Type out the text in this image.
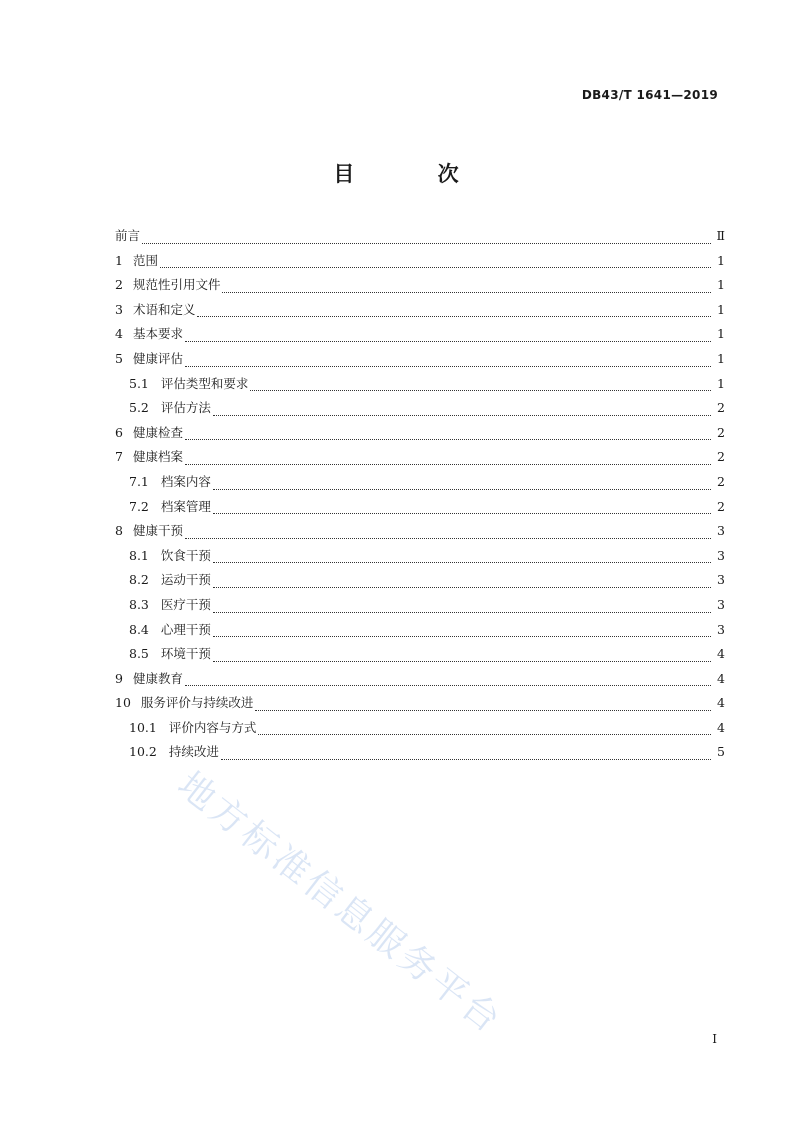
DB43/T 1641—2019
目 次
前言	Ⅱ
1 范围	1
2 规范性引用文件	1
3 术语和定义	1
4 基本要求	1
5 健康评估	1
5.1 评估类型和要求	1
5.2 评估方法	2
6 健康检查	2
7 健康档案	2
7.1 档案内容	2
7.2 档案管理	2
8 健康干预	3
8.1 饮食干预	3
8.2 运动干预	3
8.3 医疗干预	3
8.4 心理干预	3
8.5 环境干预	4
9 健康教育	4
10 服务评价与持续改进	4
10.1 评价内容与方式	4
10.2 持续改进	5
I
地方标准信息服务平台
